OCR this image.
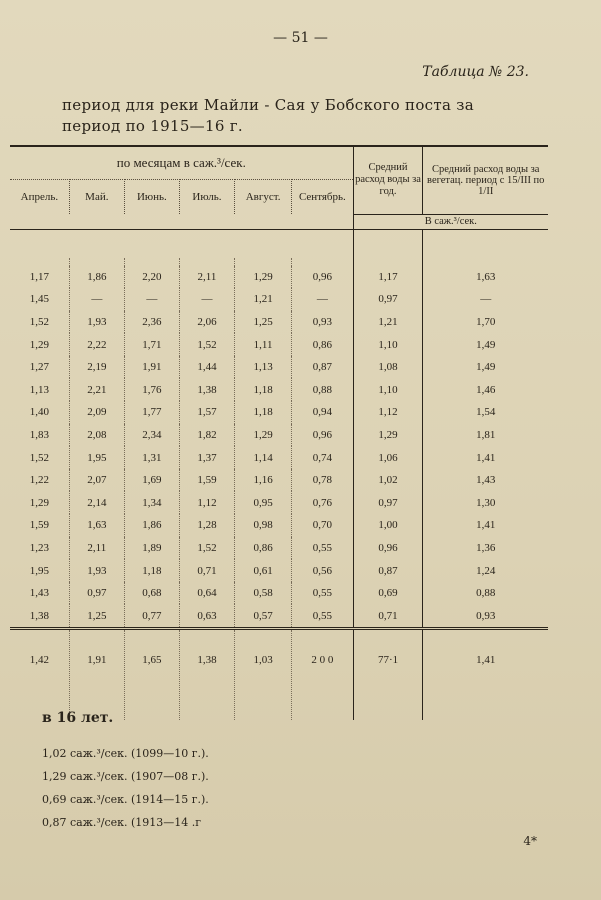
— 51 —
Таблица № 23.
период для реки Майли - Сая у Бобского поста за период по 1915—16 г.
по месяцам в саж.³/сек.						Средний расход воды за год.	Средний расход воды за вегетац. период с 15/III по 1/II
Апрель.	Май.	Июнь.	Июль.	Август.	Сентябрь.		
						В саж.³/сек.	

1,17	1,86	2,20	2,11	1,29	0,96	1,17	1,63
1,45	—	—	—	1,21	—	0,97	—
1,52	1,93	2,36	2,06	1,25	0,93	1,21	1,70
1,29	2,22	1,71	1,52	1,11	0,86	1,10	1,49
1,27	2,19	1,91	1,44	1,13	0,87	1,08	1,49
1,13	2,21	1,76	1,38	1,18	0,88	1,10	1,46
1,40	2,09	1,77	1,57	1,18	0,94	1,12	1,54
1,83	2,08	2,34	1,82	1,29	0,96	1,29	1,81
1,52	1,95	1,31	1,37	1,14	0,74	1,06	1,41
1,22	2,07	1,69	1,59	1,16	0,78	1,02	1,43
1,29	2,14	1,34	1,12	0,95	0,76	0,97	1,30
1,59	1,63	1,86	1,28	0,98	0,70	1,00	1,41
1,23	2,11	1,89	1,52	0,86	0,55	0,96	1,36
1,95	1,93	1,18	0,71	0,61	0,56	0,87	1,24
1,43	0,97	0,68	0,64	0,58	0,55	0,69	0,88
1,38	1,25	0,77	0,63	0,57	0,55	0,71	0,93
1,42	1,91	1,65	1,38	1,03	2 0 0	77·1	1,41
в 16 лет.
1,02 саж.³/сек. (1099—10 г.).
1,29 саж.³/сек. (1907—08 г.).
0,69 саж.³/сек. (1914—15 г.).
0,87 саж.³/сек. (1913—14 .г
4*
